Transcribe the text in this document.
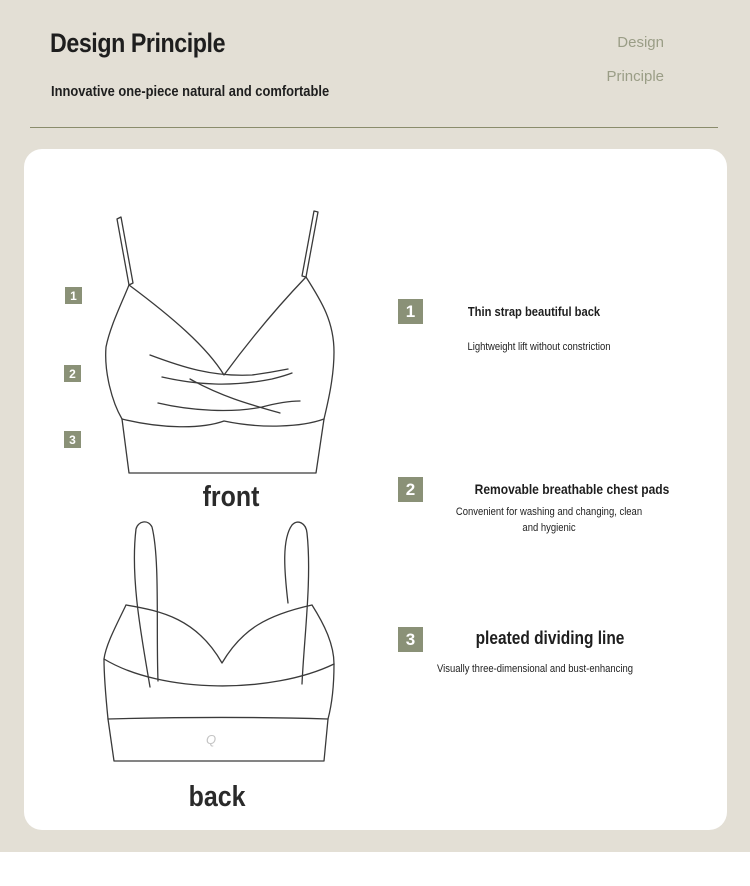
Design Principle
Innovative one-piece natural and comfortable
Design
Principle
1
2
3
front
Q
back
1	Thin strap beautiful back
Lightweight lift without constriction
2	Removable breathable chest pads
Convenient for washing and changing, clean and hygienic
3	pleated dividing line
Visually three-dimensional and bust-enhancing
